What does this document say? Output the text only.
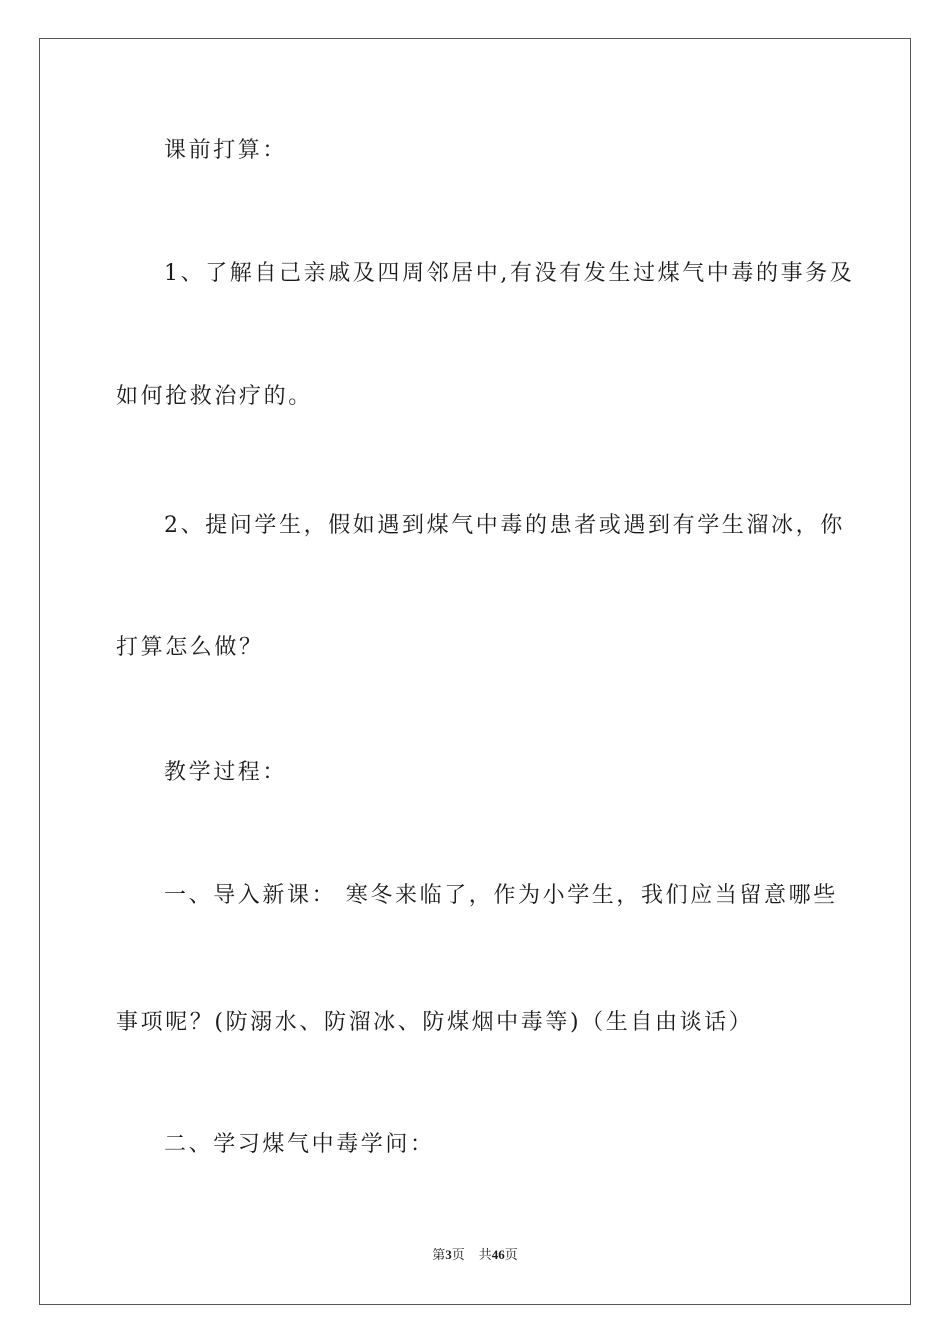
课前打算：
1、了解自己亲戚及四周邻居中,有没有发生过煤气中毒的事务及
如何抢救治疗的。
2、提问学生，假如遇到煤气中毒的患者或遇到有学生溜冰，你
打算怎么做？
教学过程：
一、导入新课： 寒冬来临了，作为小学生，我们应当留意哪些
事项呢？(防溺水、防溜冰、防煤烟中毒等)（生自由谈话）
二、学习煤气中毒学问：
第3页 共46页
